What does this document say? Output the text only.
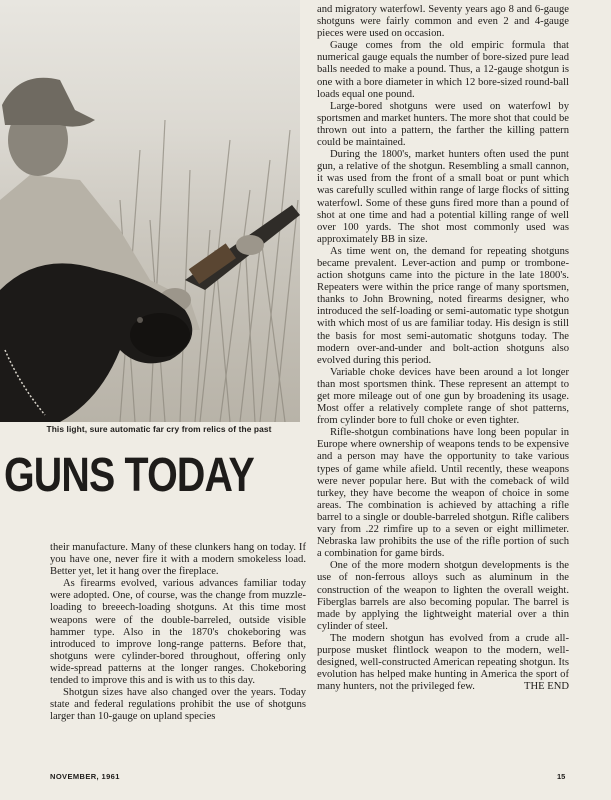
This light, sure automatic far cry from relics of the past
GUNS TODAY

their manufacture. Many of these clunkers hang on today. If you have one, never fire it with a modern smokeless load. Better yet, let it hang over the fireplace.

As firearms evolved, various advances familiar today were adopted. One, of course, was the change from muzzle-loading to breeech-loading shotguns. At this time most weapons were of the double-barreled, outside visible hammer type. Also in the 1870's chokeboring was introduced to improve long-range patterns. Before that, shotguns were cylinder-bored throughout, offering only wide-spread patterns at the longer ranges. Chokeboring tended to improve this and is with us to this day.

Shotgun sizes have also changed over the years. Today state and federal regulations prohibit the use of shotguns larger than 10-gauge on upland species

and migratory waterfowl. Seventy years ago 8 and 6-gauge shotguns were fairly common and even 2 and 4-gauge pieces were used on occasion.

Gauge comes from the old empiric formula that numerical gauge equals the number of bore-sized pure lead balls needed to make a pound. Thus, a 12-gauge shotgun is one with a bore diameter in which 12 bore-sized round-ball loads equal one pound.

Large-bored shotguns were used on waterfowl by sportsmen and market hunters. The more shot that could be thrown out into a pattern, the farther the killing pattern could be maintained.

During the 1800's, market hunters often used the punt gun, a relative of the shotgun. Resembling a small cannon, it was used from the front of a small boat or punt which was carefully sculled within range of large flocks of sitting waterfowl. Some of these guns fired more than a pound of shot at one time and had a potential killing range of well over 100 yards. The shot most commonly used was approximately BB in size.

As time went on, the demand for repeating shotguns became prevalent. Lever-action and pump or trombone-action shotguns came into the picture in the late 1800's. Repeaters were within the price range of many sportsmen, thanks to John Browning, noted firearms designer, who introduced the self-loading or semi-automatic type shotgun with which most of us are familiar today. His design is still the basis for most semi-automatic shotguns today. The modern over-and-under and bolt-action shotguns also evolved during this period.

Variable choke devices have been around a lot longer than most sportsmen think. These represent an attempt to get more mileage out of one gun by broadening its usage. Most offer a relatively complete range of shot patterns, from cylinder bore to full choke or even tighter.

Rifle-shotgun combinations have long been popular in Europe where ownership of weapons tends to be expensive and a person may have the opportunity to take various types of game while afield. Until recently, these weapons were never popular here. But with the comeback of wild turkey, they have become the weapon of choice in some areas. The combination is achieved by attaching a rifle barrel to a single or double-barreled shotgun. Rifle calibers vary from .22 rimfire up to a seven or eight millimeter. Nebraska law prohibits the use of the rifle portion of such a combination for game birds.

One of the more modern shotgun developments is the use of non-ferrous alloys such as aluminum in the construction of the weapon to lighten the overall weight. Fiberglas barrels are also becoming popular. The barrel is made by applying the lightweight material over a thin cylinder of steel.

The modern shotgun has evolved from a crude all-purpose musket flintlock weapon to the modern, well-designed, well-constructed American repeating shotgun. Its evolution has helped make hunting in America the sport of many hunters, not the privileged few.	THE END

NOVEMBER, 1961	15
